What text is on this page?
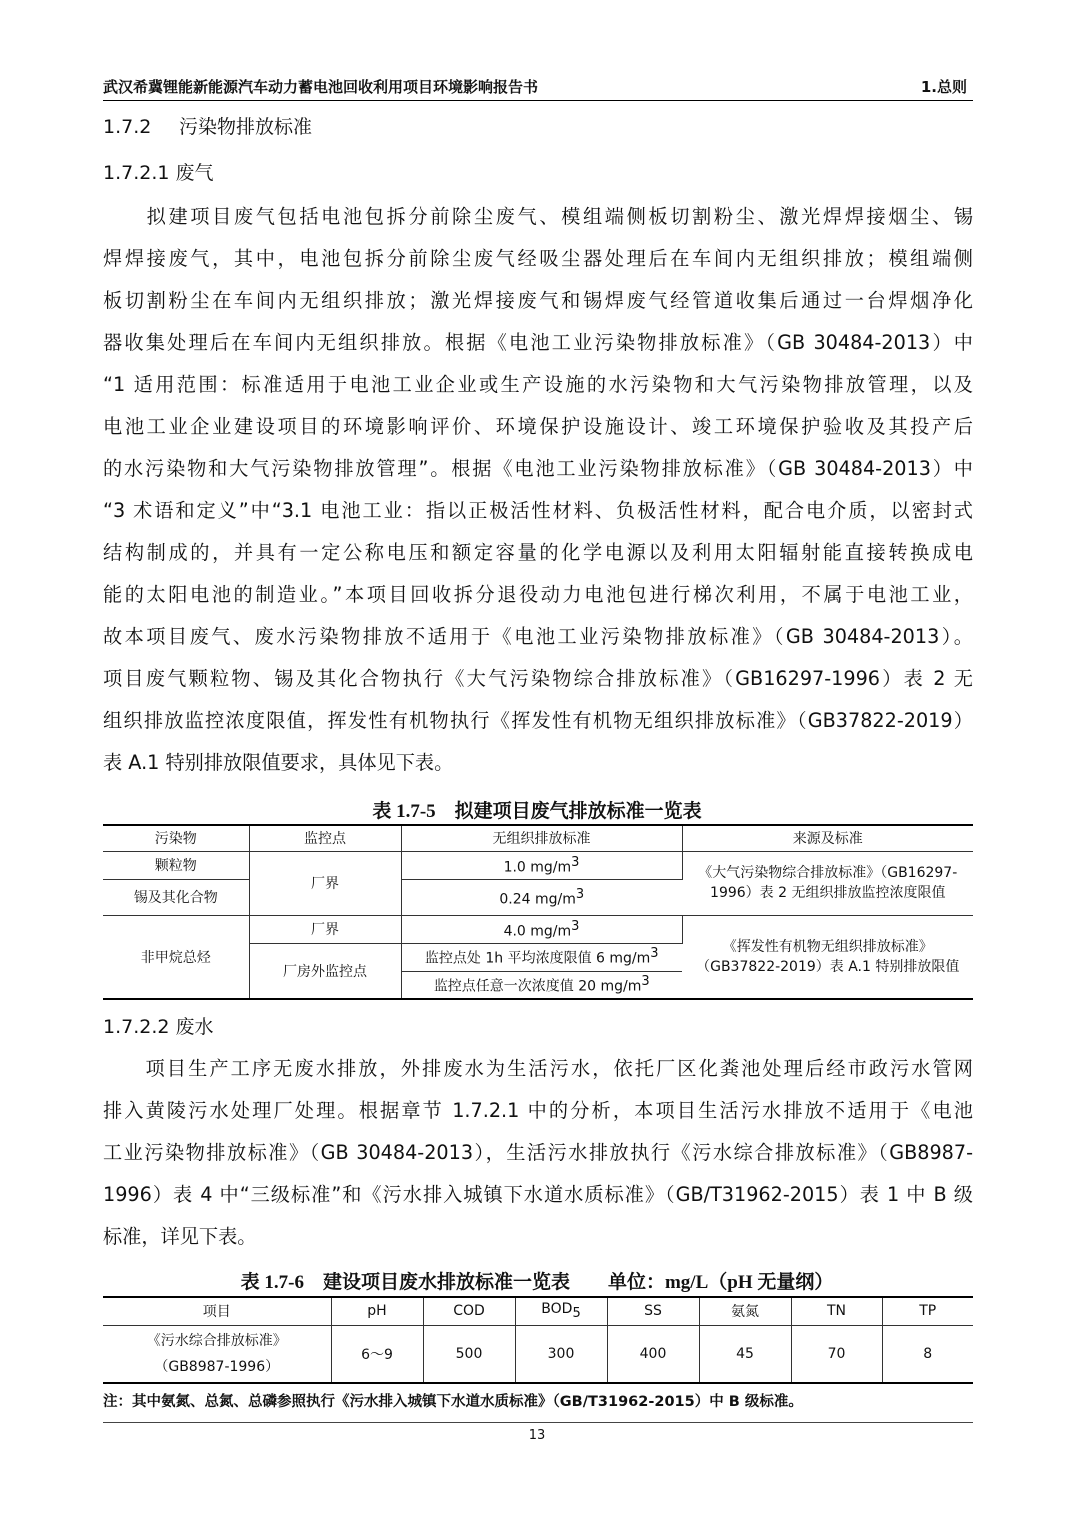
武汉希冀锂能新能源汽车动力蓄电池回收利用项目环境影响报告书	1.总则
1.7.2 污染物排放标准
1.7.2.1 废气
　　拟建项目废气包括电池包拆分前除尘废气、模组端侧板切割粉尘、激光焊焊接烟尘、锡
焊焊接废气，其中，电池包拆分前除尘废气经吸尘器处理后在车间内无组织排放；模组端侧
板切割粉尘在车间内无组织排放；激光焊接废气和锡焊废气经管道收集后通过一台焊烟净化
器收集处理后在车间内无组织排放。根据《电池工业污染物排放标准》（GB 30484-2013）中
“1 适用范围：标准适用于电池工业企业或生产设施的水污染物和大气污染物排放管理，以及
电池工业企业建设项目的环境影响评价、环境保护设施设计、竣工环境保护验收及其投产后
的水污染物和大气污染物排放管理”。根据《电池工业污染物排放标准》（GB 30484-2013）中
“3 术语和定义”中“3.1 电池工业：指以正极活性材料、负极活性材料，配合电介质，以密封式
结构制成的，并具有一定公称电压和额定容量的化学电源以及利用太阳辐射能直接转换成电
能的太阳电池的制造业。”本项目回收拆分退役动力电池包进行梯次利用，不属于电池工业，
故本项目废气、废水污染物排放不适用于《电池工业污染物排放标准》（GB 30484-2013）。
项目废气颗粒物、锡及其化合物执行《大气污染物综合排放标准》（GB16297-1996）表 2 无
组织排放监控浓度限值，挥发性有机物执行《挥发性有机物无组织排放标准》（GB37822-2019）
表 A.1 特别排放限值要求，具体见下表。
表 1.7-5　拟建项目废气排放标准一览表
污染物	监控点	无组织排放标准	来源及标准
颗粒物	厂界	1.0 $mg/m^3$	《大气污染物综合排放标准》（GB16297-1996）表 2 无组织排放监控浓度限值
锡及其化合物		0.24 $mg/m^3$
非甲烷总烃	厂界	4.0 $mg/m^3$	《挥发性有机物无组织排放标准》（GB37822-2019）表 A.1 特别排放限值
	厂房外监控点	监控点处 1h 平均浓度限值 6 $mg/m^3$
		监控点任意一次浓度值 20 $mg/m^3$
1.7.2.2 废水
　　项目生产工序无废水排放，外排废水为生活污水，依托厂区化粪池处理后经市政污水管网
排入黄陵污水处理厂处理。根据章节 1.7.2.1 中的分析，本项目生活污水排放不适用于《电池
工业污染物排放标准》（GB 30484-2013），生活污水排放执行《污水综合排放标准》（GB8987-
1996）表 4 中“三级标准”和《污水排入城镇下水道水质标准》（GB/T31962-2015）表 1 中 B 级
标准，详见下表。
表 1.7-6　建设项目废水排放标准一览表　　单位：mg/L（pH 无量纲）
项目	pH	COD	$BOD_5$	SS	氨氮	TN	TP

《污水综合排放标准》
（GB8987-1996）	6～9	500	300	400	45	70	8
注：其中氨氮、总氮、总磷参照执行《污水排入城镇下水道水质标准》（GB/T31962-2015）中 B 级标准。
13
